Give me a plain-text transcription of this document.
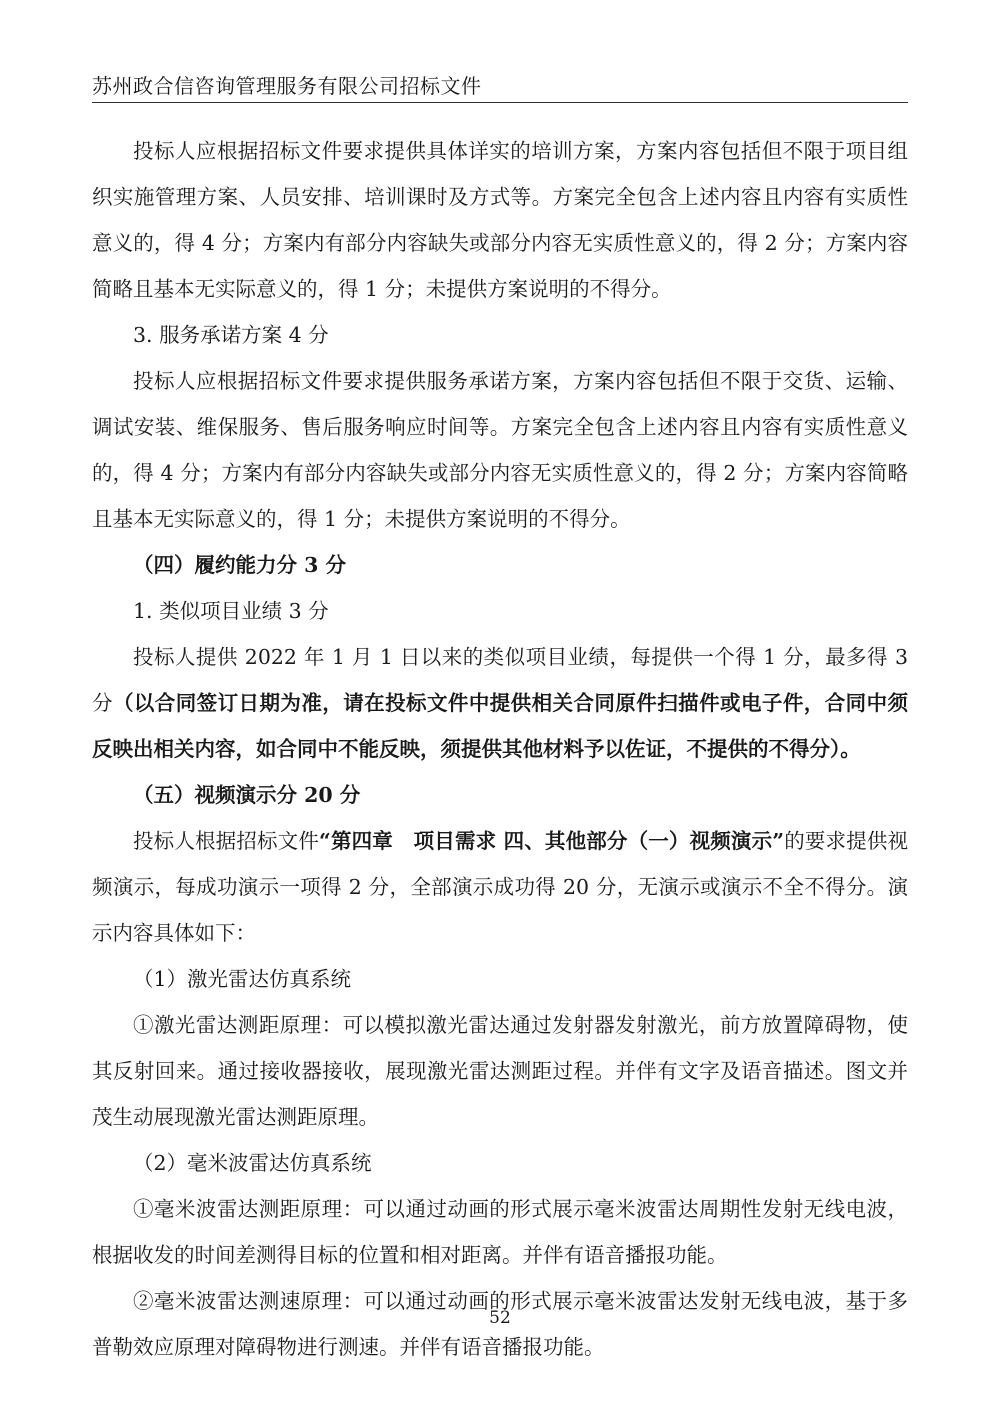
苏州政合信咨询管理服务有限公司招标文件

投标人应根据招标文件要求提供具体详实的培训方案，方案内容包括但不限于项目组织实施管理方案、人员安排、培训课时及方式等。方案完全包含上述内容且内容有实质性意义的，得 4 分；方案内有部分内容缺失或部分内容无实质性意义的，得 2 分；方案内容简略且基本无实际意义的，得 1 分；未提供方案说明的不得分。

3. 服务承诺方案 4 分

投标人应根据招标文件要求提供服务承诺方案，方案内容包括但不限于交货、运输、调试安装、维保服务、售后服务响应时间等。方案完全包含上述内容且内容有实质性意义的，得 4 分；方案内有部分内容缺失或部分内容无实质性意义的，得 2 分；方案内容简略且基本无实际意义的，得 1 分；未提供方案说明的不得分。

（四）履约能力分 3 分

1. 类似项目业绩 3 分

投标人提供 2022 年 1 月 1 日以来的类似项目业绩，每提供一个得 1 分，最多得 3 分（以合同签订日期为准，请在投标文件中提供相关合同原件扫描件或电子件，合同中须反映出相关内容，如合同中不能反映，须提供其他材料予以佐证，不提供的不得分）。

（五）视频演示分 20 分

投标人根据招标文件“第四章　项目需求 四、其他部分（一）视频演示”的要求提供视频演示，每成功演示一项得 2 分，全部演示成功得 20 分，无演示或演示不全不得分。演示内容具体如下：

（1）激光雷达仿真系统

①激光雷达测距原理：可以模拟激光雷达通过发射器发射激光，前方放置障碍物，使其反射回来。通过接收器接收，展现激光雷达测距过程。并伴有文字及语音描述。图文并茂生动展现激光雷达测距原理。

（2）毫米波雷达仿真系统

①毫米波雷达测距原理：可以通过动画的形式展示毫米波雷达周期性发射无线电波，根据收发的时间差测得目标的位置和相对距离。并伴有语音播报功能。

②毫米波雷达测速原理：可以通过动画的形式展示毫米波雷达发射无线电波，基于多普勒效应原理对障碍物进行测速。并伴有语音播报功能。

52
